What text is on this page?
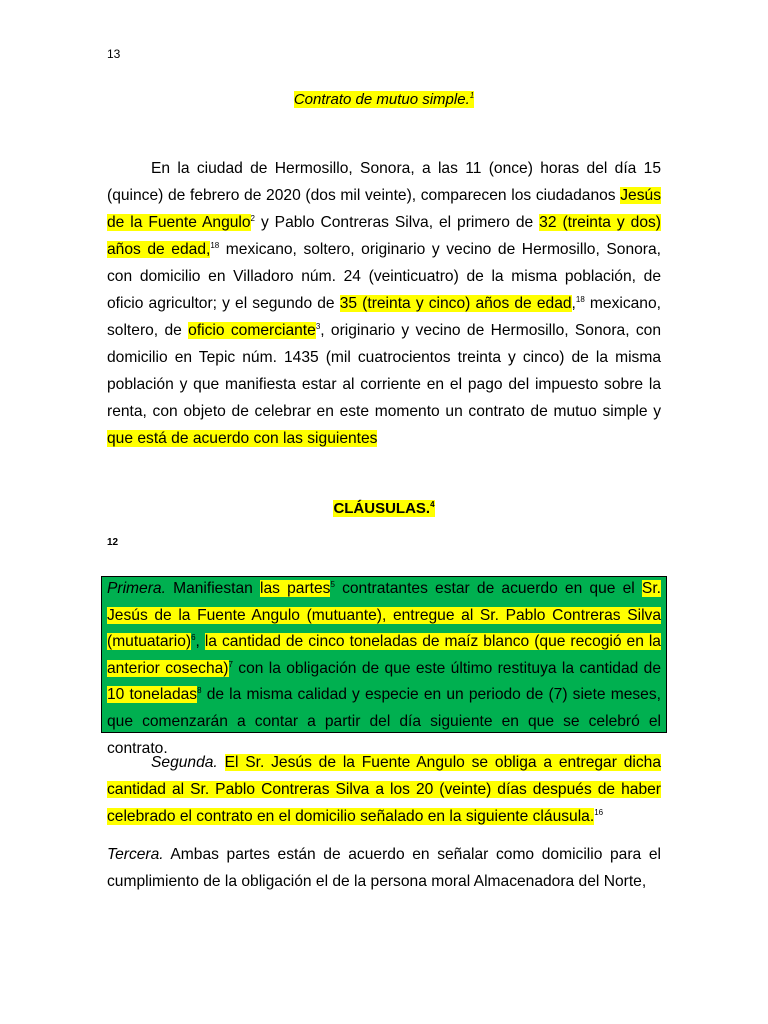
13
Contrato de mutuo simple.$^1$
En la ciudad de Hermosillo, Sonora, a las 11 (once) horas del día 15 (quince) de febrero de 2020 (dos mil veinte), comparecen los ciudadanos Jesús de la Fuente Angulo$^2$ y Pablo Contreras Silva, el primero de 32 (treinta y dos) años de edad,$^{18}$ mexicano, soltero, originario y vecino de Hermosillo, Sonora, con domicilio en Villadoro núm. 24 (veinticuatro) de la misma población, de oficio agricultor; y el segundo de 35 (treinta y cinco) años de edad,$^{18}$ mexicano, soltero, de oficio comerciante$^3$, originario y vecino de Hermosillo, Sonora, con domicilio en Tepic núm. 1435 (mil cuatrocientos treinta y cinco) de la misma población y que manifiesta estar al corriente en el pago del impuesto sobre la renta, con objeto de celebrar en este momento un contrato de mutuo simple y que está de acuerdo con las siguientes
CLÁUSULAS.$^4$
12
Primera. Manifiestan las partes$^5$ contratantes estar de acuerdo en que el Sr. Jesús de la Fuente Angulo (mutuante), entregue al Sr. Pablo Contreras Silva (mutuatario)$^6$, la cantidad de cinco toneladas de maíz blanco (que recogió en la anterior cosecha)$^7$ con la obligación de que este último restituya la cantidad de 10 toneladas$^8$ de la misma calidad y especie en un periodo de (7) siete meses, que comenzarán a contar a partir del día siguiente en que se celebró el contrato.
Segunda. El Sr. Jesús de la Fuente Angulo se obliga a entregar dicha cantidad al Sr. Pablo Contreras Silva a los 20 (veinte) días después de haber celebrado el contrato en el domicilio señalado en la siguiente cláusula.$^{16}$
Tercera. Ambas partes están de acuerdo en señalar como domicilio para el cumplimiento de la obligación el de la persona moral Almacenadora del Norte,
